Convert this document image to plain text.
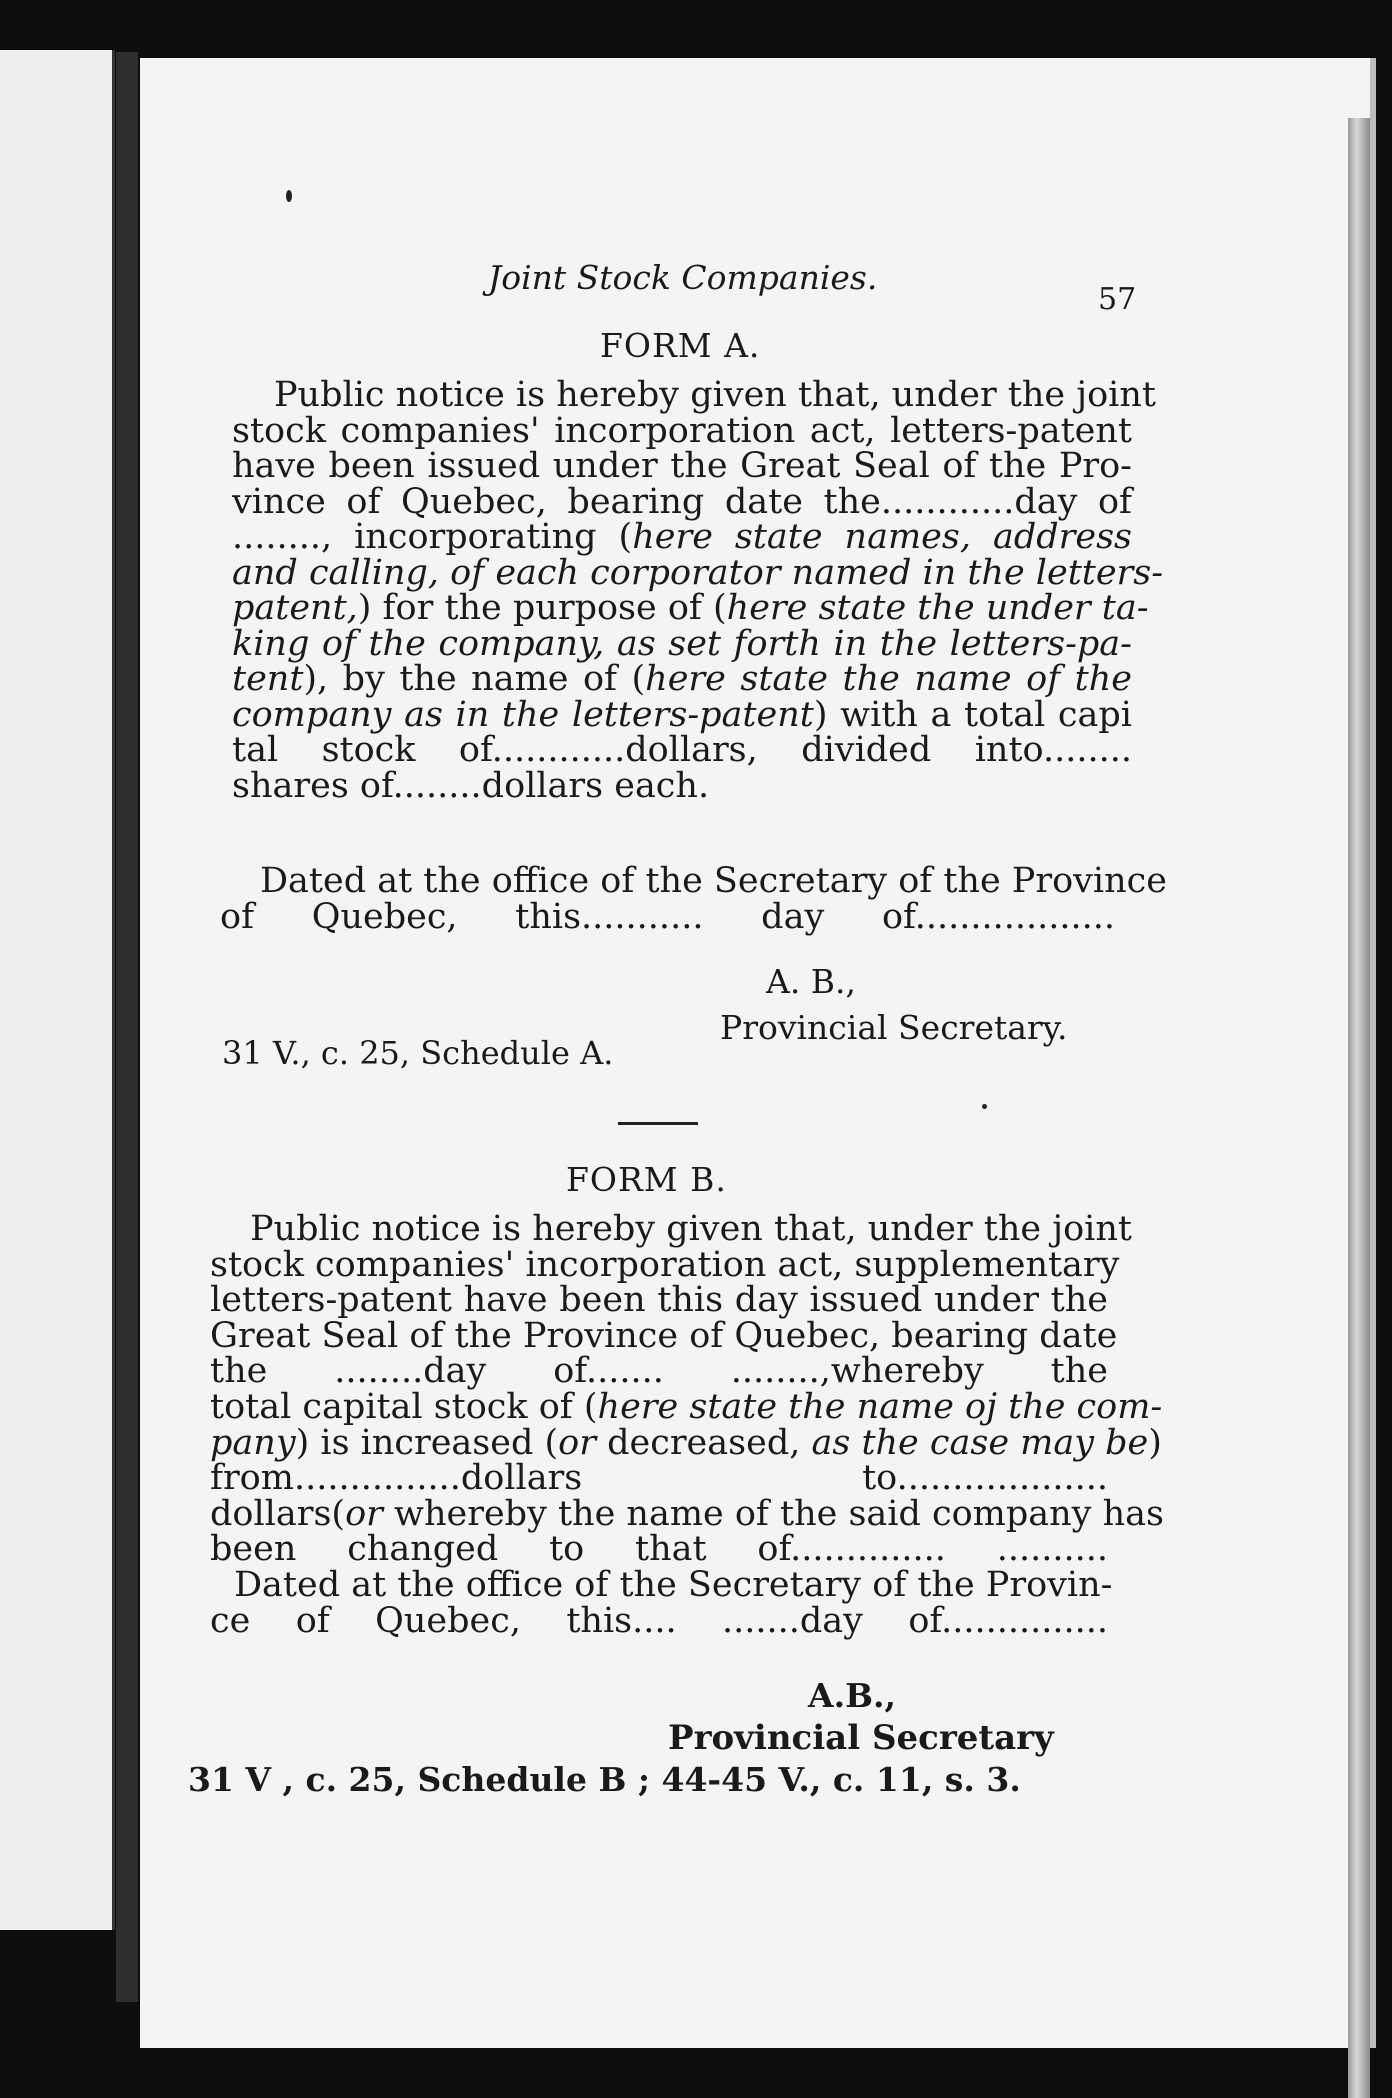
Joint Stock Companies.
57
FORM A.
Public notice is hereby given that, under the joint
stock companies' incorporation act, letters-patent
have been issued under the Great Seal of the Pro-
vince of Quebec, bearing date the............day of
........, incorporating (here state names, address
and calling, of each corporator named in the letters-
patent,) for the purpose of (here state the under ta-
king of the company, as set forth in the letters-pa-
tent), by the name of (here state the name of the
company as in the letters-patent) with a total capi
tal stock of............dollars, divided into........
shares of........dollars each.
Dated at the office of the Secretary of the Province
of Quebec, this........... day of..................
A. B.,
Provincial Secretary.
31 V., c. 25, Schedule A.
FORM B.
Public notice is hereby given that, under the joint
stock companies' incorporation act, supplementary
letters-patent have been this day issued under the
Great Seal of the Province of Quebec, bearing date
the ........day of....... ........,whereby the
total capital stock of (here state the name oj the com-
pany) is increased (or decreased, as the case may be)
from...............dollars to...................
dollars(or whereby the name of the said company has
been changed to that of.............. ..........
Dated at the office of the Secretary of the Provin-
ce of Quebec, this.... .......day of...............
A.B.,
Provincial Secretary
31 V , c. 25, Schedule B ; 44-45 V., c. 11, s. 3.
